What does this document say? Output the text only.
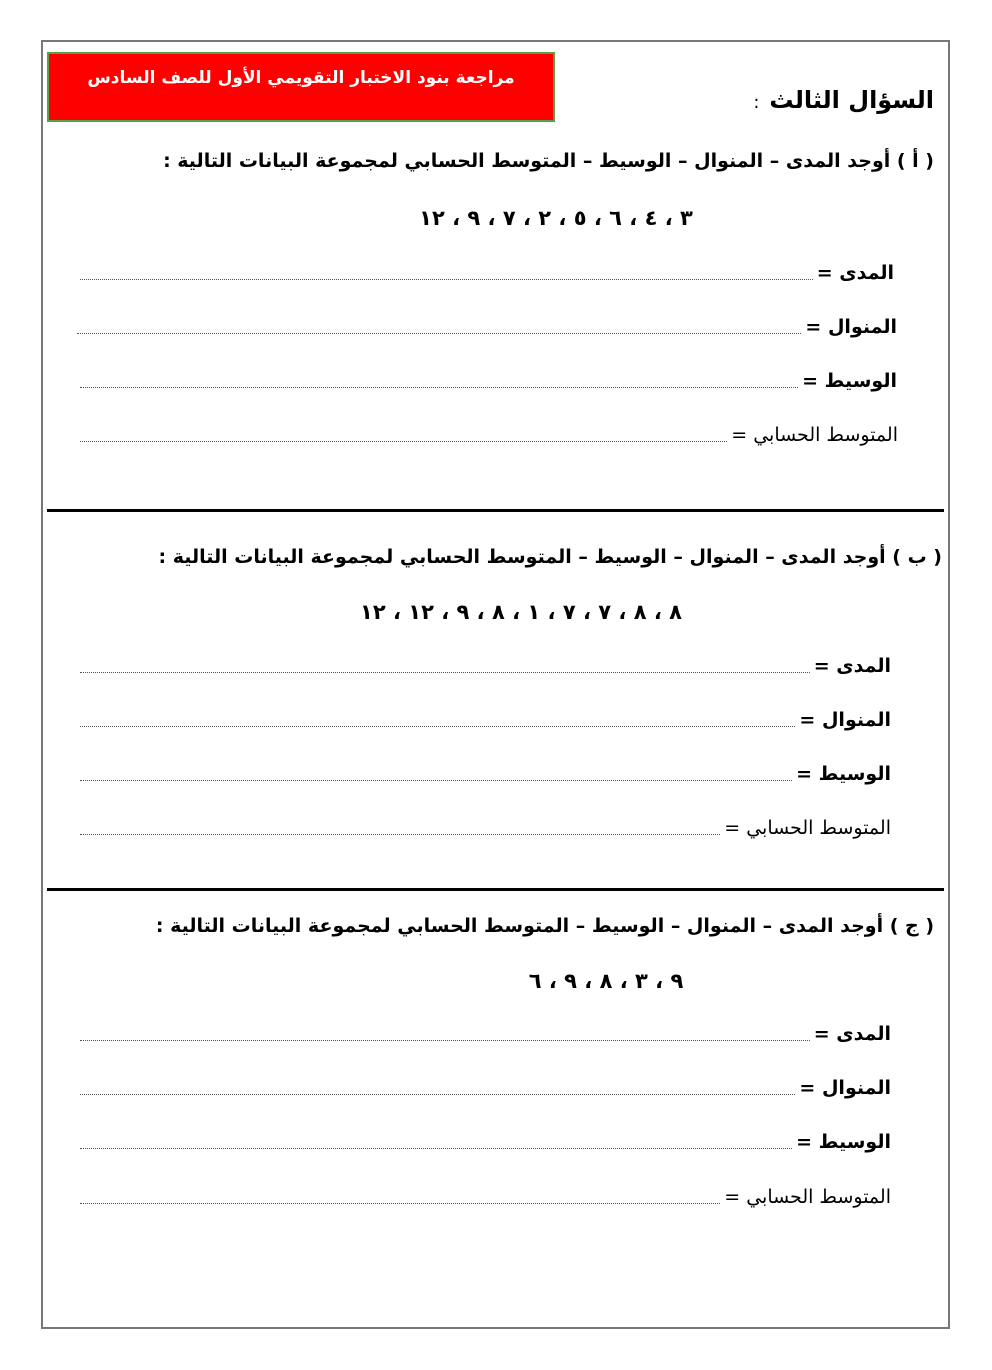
مراجعة بنود الاختبار التقويمي الأول للصف السادس
السؤال الثالث:
( أ ) أوجد المدى – المنوال – الوسيط – المتوسط الحسابي لمجموعة البيانات التالية :
٣ ، ٤ ، ٦ ، ٥ ، ٢ ، ٧ ، ٩ ، ١٢
المدى =
المنوال =
الوسيط =
المتوسط الحسابي =
( ب ) أوجد المدى – المنوال – الوسيط – المتوسط الحسابي لمجموعة البيانات التالية :
٨ ، ٨ ، ٧ ، ٧ ، ١ ، ٨ ، ٩ ، ١٢ ، ١٢
المدى =
المنوال =
الوسيط =
المتوسط الحسابي =
( ج ) أوجد المدى – المنوال – الوسيط – المتوسط الحسابي لمجموعة البيانات التالية :
٩ ، ٣ ، ٨ ، ٩ ، ٦
المدى =
المنوال =
الوسيط =
المتوسط الحسابي =
